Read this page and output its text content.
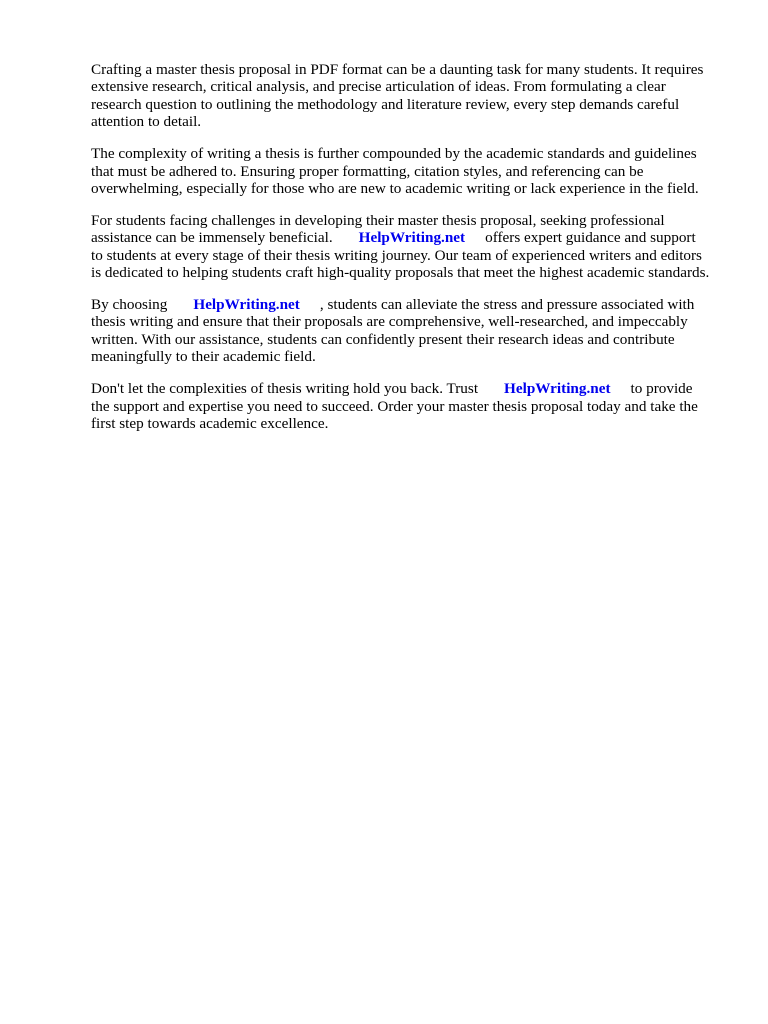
Crafting a master thesis proposal in PDF format can be a daunting task for many students. It requires
extensive research, critical analysis, and precise articulation of ideas. From formulating a clear
research question to outlining the methodology and literature review, every step demands careful
attention to detail.

The complexity of writing a thesis is further compounded by the academic standards and guidelines
that must be adhered to. Ensuring proper formatting, citation styles, and referencing can be
overwhelming, especially for those who are new to academic writing or lack experience in the field.

For students facing challenges in developing their master thesis proposal, seeking professional
assistance can be immensely beneficial. HelpWriting.net offers expert guidance and support
to students at every stage of their thesis writing journey. Our team of experienced writers and editors
is dedicated to helping students craft high-quality proposals that meet the highest academic standards.

By choosing HelpWriting.net , students can alleviate the stress and pressure associated with
thesis writing and ensure that their proposals are comprehensive, well-researched, and impeccably
written. With our assistance, students can confidently present their research ideas and contribute
meaningfully to their academic field.

Don't let the complexities of thesis writing hold you back. Trust HelpWriting.net to provide
the support and expertise you need to succeed. Order your master thesis proposal today and take the
first step towards academic excellence.
